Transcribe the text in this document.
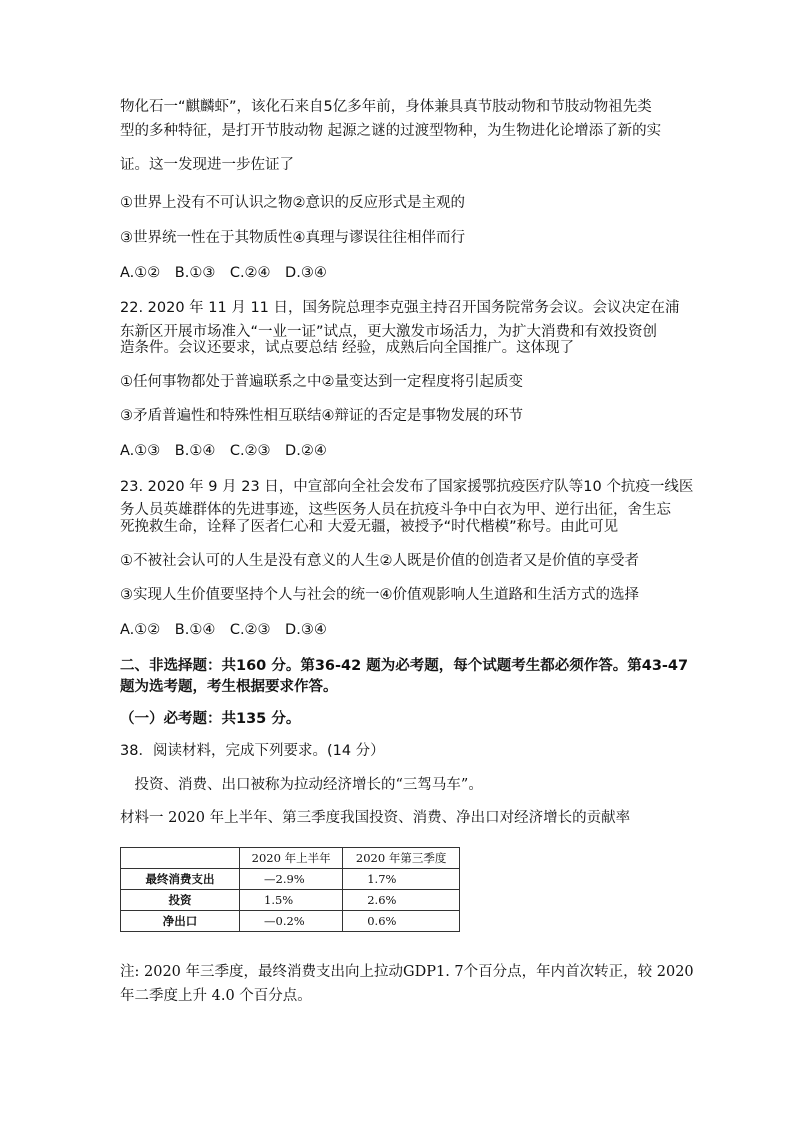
物化石一“麒麟虾”，该化石来自5亿多年前，身体兼具真节肢动物和节肢动物祖先类
型的多种特征，是打开节肢动物 起源之谜的过渡型物种，为生物进化论增添了新的实
证。这一发现进一步佐证了
①世界上没有不可认识之物②意识的反应形式是主观的
③世界统一性在于其物质性④真理与谬误往往相伴而行
A.①②　B.①③　C.②④　D.③④
22. 2020 年 11 月 11 日，国务院总理李克强主持召开国务院常务会议。会议决定在浦
东新区开展市场准入“一业一证”试点，更大激发市场活力，为扩大消费和有效投资创
造条件。会议还要求，试点要总结 经验，成熟后向全国推广。这体现了
①任何事物都处于普遍联系之中②量变达到一定程度将引起质变
③矛盾普遍性和特殊性相互联结④辩证的否定是事物发展的环节
A.①③　B.①④　C.②③　D.②④
23. 2020 年 9 月 23 日，中宣部向全社会发布了国家援鄂抗疫医疗队等10 个抗疫一线医
务人员英雄群体的先进事迹，这些医务人员在抗疫斗争中白衣为甲、逆行出征，舍生忘
死挽救生命，诠释了医者仁心和 大爱无疆，被授予“时代楷模”称号。由此可见
①不被社会认可的人生是没有意义的人生②人既是价值的创造者又是价值的享受者
③实现人生价值要坚持个人与社会的统一④价值观影响人生道路和生活方式的选择
A.①②　B.①④　C.②③　D.③④
二、非选择题：共160 分。第36-42 题为必考题，每个试题考生都必须作答。第43-47
题为选考题，考生根据要求作答。
（一）必考题：共135 分。
38．阅读材料，完成下列要求。(14 分）
　投资、消费、出口被称为拉动经济增长的“三驾马车”。
材料一 2020 年上半年、第三季度我国投资、消费、净出口对经济增长的贡献率
	2020 年上半年	2020 年第三季度
最终消费支出	—2.9%	1.7%
投资	1.5%	2.6%
净出口	—0.2%	0.6%
注: 2020 年三季度，最终消费支出向上拉动GDP1. 7个百分点，年内首次转正，较 2020
年二季度上升 4.0 个百分点。
